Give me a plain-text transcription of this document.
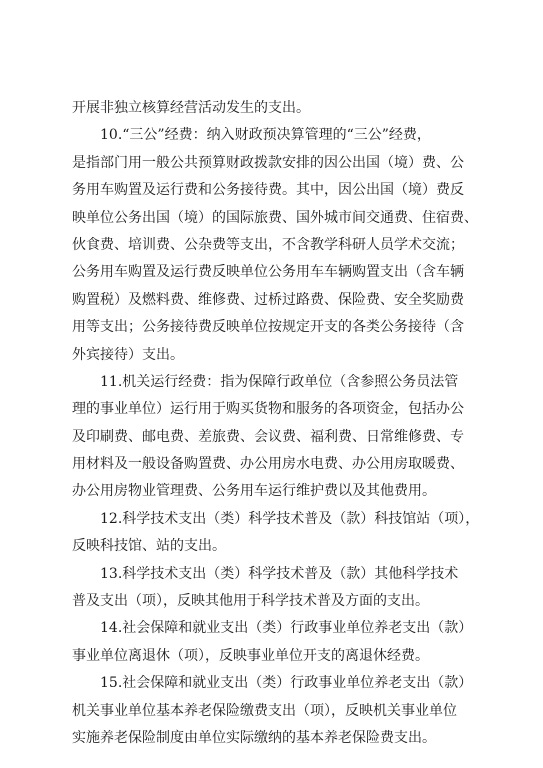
开展非独立核算经营活动发生的支出。
10.“三公”经费：纳入财政预决算管理的“三公”经费，
是指部门用一般公共预算财政拨款安排的因公出国（境）费、公
务用车购置及运行费和公务接待费。其中，因公出国（境）费反
映单位公务出国（境）的国际旅费、国外城市间交通费、住宿费、
伙食费、培训费、公杂费等支出，不含教学科研人员学术交流；
公务用车购置及运行费反映单位公务用车车辆购置支出（含车辆
购置税）及燃料费、维修费、过桥过路费、保险费、安全奖励费
用等支出；公务接待费反映单位按规定开支的各类公务接待（含
外宾接待）支出。
11.机关运行经费：指为保障行政单位（含参照公务员法管
理的事业单位）运行用于购买货物和服务的各项资金，包括办公
及印刷费、邮电费、差旅费、会议费、福利费、日常维修费、专
用材料及一般设备购置费、办公用房水电费、办公用房取暖费、
办公用房物业管理费、公务用车运行维护费以及其他费用。
12.科学技术支出（类）科学技术普及（款）科技馆站（项），
反映科技馆、站的支出。
13.科学技术支出（类）科学技术普及（款）其他科学技术
普及支出（项），反映其他用于科学技术普及方面的支出。
14.社会保障和就业支出（类）行政事业单位养老支出（款）
事业单位离退休（项），反映事业单位开支的离退休经费。
15.社会保障和就业支出（类）行政事业单位养老支出（款）
机关事业单位基本养老保险缴费支出（项），反映机关事业单位
实施养老保险制度由单位实际缴纳的基本养老保险费支出。
